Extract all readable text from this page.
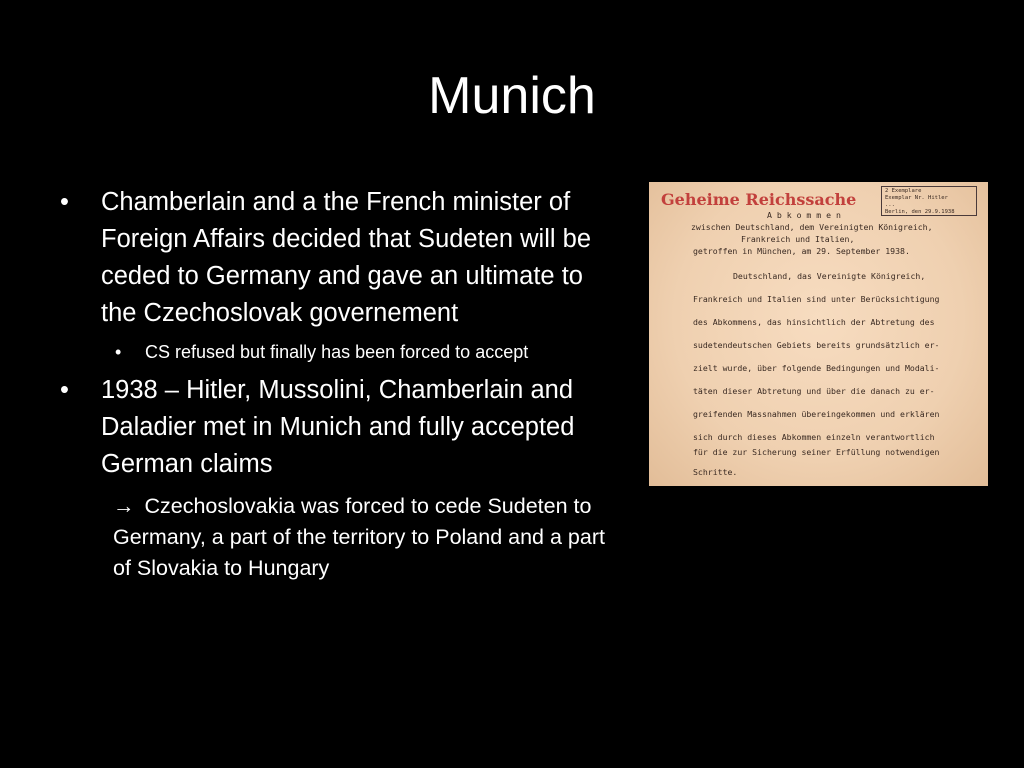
Munich

•	Chamberlain and a the French minister of Foreign Affairs decided that Sudeten will be ceded to Germany and gave an ultimate to the Czechoslovak governement

• CS refused but finally has been forced to accept

•	1938 – Hitler, Mussolini, Chamberlain and Daladier met in Munich and fully accepted German claims

→ Czechoslovakia was forced to cede Sudeten to Germany, a part of the territory to Poland and a part of Slovakia to Hungary

Geheime Reichssache	2 Exemplare
Exemplar Nr. Hitler
...
Berlin, den 29.9.1938
A b k o m m e n
zwischen Deutschland, dem Vereinigten Königreich,
Frankreich und Italien,
getroffen in München, am 29. September 1938.
Deutschland, das Vereinigte Königreich,
Frankreich und Italien sind unter Berücksichtigung
des Abkommens, das hinsichtlich der Abtretung des
sudetendeutschen Gebiets bereits grundsätzlich er-
zielt wurde, über folgende Bedingungen und Modali-
täten dieser Abtretung und über die danach zu er-
greifenden Massnahmen übereingekommen und erklären
sich durch dieses Abkommen einzeln verantwortlich
für die zur Sicherung seiner Erfüllung notwendigen
Schritte.
